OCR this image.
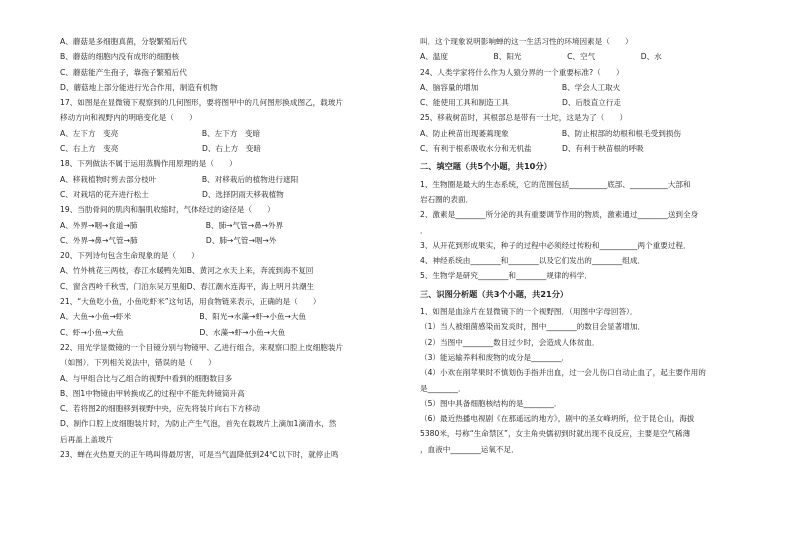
A、蘑菇是多细胞真菌，分裂繁殖后代
B、蘑菇的细胞内没有成形的细胞核
C、蘑菇能产生孢子，靠孢子繁殖后代
D、蘑菇地上部分能进行光合作用，制造有机物
17、如图是在显微镜下观察到的几何图形，要将图甲中的几何图形换成图乙，载玻片
移动方向和视野内的明暗变化是（　　）
A、左下方　变亮　　　　　　　　　　　B、左下方　变暗
C、右上方　变亮　　　　　　　　　　　D、右上方　变暗
18、下列做法不属于运用蒸腾作用原理的是（　　）
A、移栽植物时剪去部分枝叶　　　　　　B、对移栽后的植物进行遮阳
C、对栽培的花卉进行松土　　　　　　　D、选择阴雨天移栽植物
19、当肋骨间的肌肉和膈肌收缩时，气体经过的途径是（　　）
A、外界→咽→食道→肺　　　　　　　　　B、肺→气管→鼻→外界
C、外界→鼻→气管→肺　　　　　　　　　D、肺→气管→咽→外
20、下列诗句包含生命现象的是（　　）
A、竹外桃花三两枝，春江水暖鸭先知B、黄河之水天上来，奔流到海不复回
C、窗含西岭千秋雪，门泊东吴万里船D、春江潮水连海平，海上明月共潮生
21、“大鱼吃小鱼，小鱼吃虾米”这句话，用食物链来表示，正确的是（　　）
A、大鱼→小鱼→虾米　　　　　　　　　B、阳光→水藻→虾→小鱼→大鱼
C、虾→小鱼→大鱼　　　　　　　　　　D、水藻→虾→小鱼→大鱼
22、用光学显微镜的一个目镜分别与物镜甲、乙进行组合，来观察口腔上皮细胞装片
（如图）．下列相关说法中，错误的是（　　）
A、与甲组合比与乙组合的视野中看到的细胞数目多
B、图1中物镜由甲转换成乙的过程中不能先转镜筒升高
C、若将图2的细胞移到视野中央，应先将装片向右下方移动
D、制作口腔上皮细胞装片时，为防止产生气泡，首先在载玻片上滴加1滴清水，然
后再盖上盖玻片
23、蝉在火热夏天的正午鸣叫得最厉害，可是当气温降低到24℃以下时，就停止鸣
叫．这个现象说明影响蝉的这一生活习性的环境因素是（　　）
A、温度　　　　　　B、阳光　　　　　　C、空气　　　　　　D、水
24、人类学家将什么作为人猿分界的一个重要标准?（　　）
A、脑容量的增加　　　　　　　　　　　B、学会人工取火
C、能使用工具和制造工具　　　　　　　D、后肢直立行走
25、移栽树苗时，其根部总是带有一土坨，这是为了（　　）
A、防止秧苗出现萎蔫现象　　　　　　　B、防止根部的幼根和根毛受到损伤
C、有利于根系吸收水分和无机盐　　　　D、有利于秧苗根的呼吸
二、填空题（共5个小题，共10分）
1、生物圈是最大的生态系统，它的范围包括__________底部、__________大部和
岩石圈的表面．
2、激素是________所分泌的具有重要调节作用的物质，激素通过________送到全身
．
3、从开花到形成果实，种子的过程中必须经过传粉和__________两个重要过程．
4、神经系统由________和________以及它们发出的________组成．
5、生物学是研究________和________规律的科学．
三、识图分析题（共3个小题，共21分）
1、如图是血涂片在显微镜下的一个视野图．（用图中字母回答）．
（1）当人被细菌感染而发炎时，图中________的数目会显著增加．
（2）当图中________数目过少时，会造成人体贫血．
（3）能运输养料和废物的成分是________．
（4）小欢在削苹果时不慎划伤手指并出血，过一会儿伤口自动止血了，起主要作用的
是________．
（5）图中具备细胞核结构的是________．
（6）最近热播电视剧《在那遥远的地方》，剧中的圣女峰坍所，位于昆仑山，海拔
5380米，号称“生命禁区”，女主角央儒初到时就出现不良反应，主要是空气稀薄
，血液中________运氧不足．
